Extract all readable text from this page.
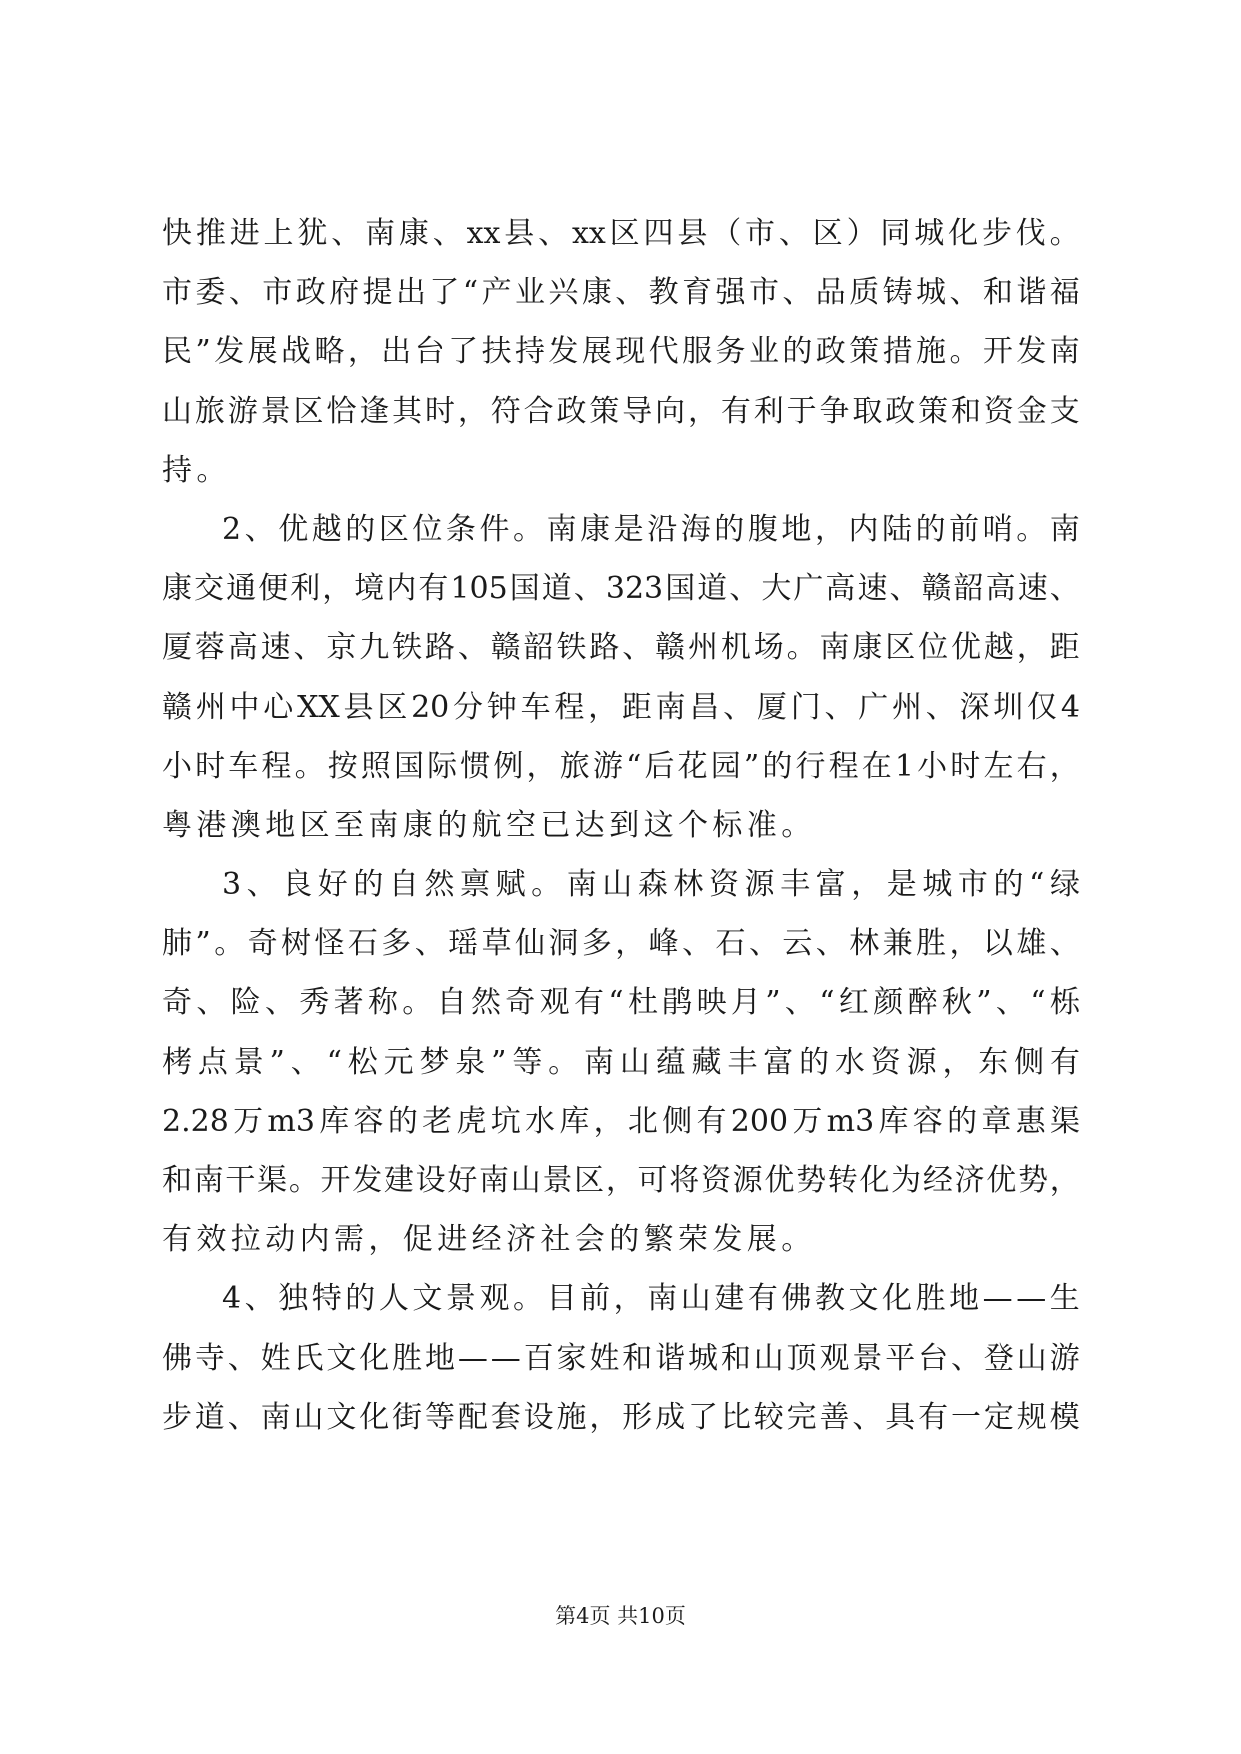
快 推 进 上 犹 、 南 康 、 xx 县 、 xx 区 四 县 （ 市 、 区 ） 同 城 化 步 伐 。
市 委 、 市 政 府 提 出 了 “ 产 业 兴 康 、 教 育 强 市 、 品 质 铸 城 、 和 谐 福
民 ” 发 展 战 略 ， 出 台 了 扶 持 发 展 现 代 服 务 业 的 政 策 措 施 。 开 发 南
山 旅 游 景 区 恰 逢 其 时 ， 符 合 政 策 导 向 ， 有 利 于 争 取 政 策 和 资 金 支
持。
2 、 优 越 的 区 位 条 件 。 南 康 是 沿 海 的 腹 地 ， 内 陆 的 前 哨 。 南
康 交 通 便 利 ， 境 内 有 105 国 道 、 323 国 道 、 大 广 高 速 、 赣 韶 高 速 、
厦 蓉 高 速 、 京 九 铁 路 、 赣 韶 铁 路 、 赣 州 机 场 。 南 康 区 位 优 越 ， 距
赣 州 中 心 XX 县 区 20 分 钟 车 程 ， 距 南 昌 、 厦 门 、 广 州 、 深 圳 仅 4
小 时 车 程 。 按 照 国 际 惯 例 ， 旅 游 “ 后 花 园 ” 的 行 程 在 1 小 时 左 右 ，
粤港澳地区至南康的航空已达到这个标准。
3 、 良 好 的 自 然 禀 赋 。 南 山 森 林 资 源 丰 富 ， 是 城 市 的 “ 绿
肺 ” 。 奇 树 怪 石 多 、 瑶 草 仙 洞 多 ， 峰 、 石 、 云 、 林 兼 胜 ， 以 雄 、
奇 、 险 、 秀 著 称 。 自 然 奇 观 有 “ 杜 鹃 映 月 ” 、 “ 红 颜 醉 秋 ” 、 “ 栎
栲 点 景 ” 、 “ 松 元 梦 泉 ” 等 。 南 山 蕴 藏 丰 富 的 水 资 源 ， 东 侧 有
2.28 万 m3 库 容 的 老 虎 坑 水 库 ， 北 侧 有 200 万 m3 库 容 的 章 惠 渠
和 南 干 渠 。 开 发 建 设 好 南 山 景 区 ， 可 将 资 源 优 势 转 化 为 经 济 优 势 ，
有效拉动内需，促进经济社会的繁荣发展。
4 、 独 特 的 人 文 景 观 。 目 前 ， 南 山 建 有 佛 教 文 化 胜 地 — — 生
佛 寺 、 姓 氏 文 化 胜 地 — — 百 家 姓 和 谐 城 和 山 顶 观 景 平 台 、 登 山 游
步 道 、 南 山 文 化 街 等 配 套 设 施 ， 形 成 了 比 较 完 善 、 具 有 一 定 规 模
第4页 共10页
